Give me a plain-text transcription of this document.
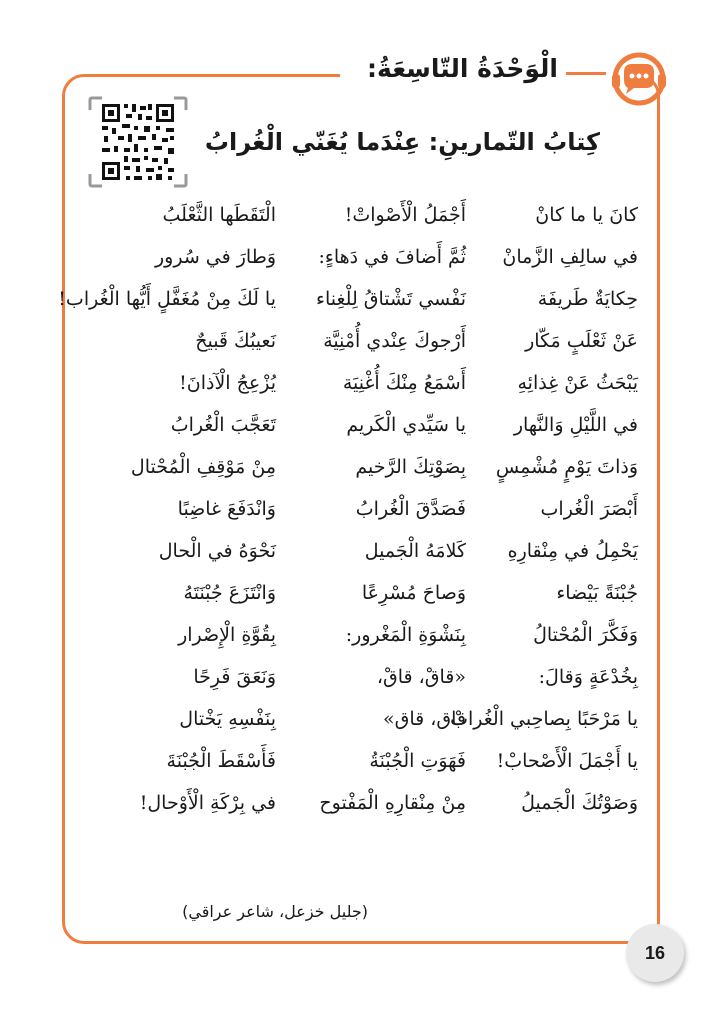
الْوَحْدَةُ التّاسِعَةُ:
كِتابُ التّمارينِ: عِنْدَما يُغَنّي الْغُرابُ
كانَ يا ما كانْ
أَجْمَلُ الْأَصْواتْ!
الْتَقَطَها الثَّعْلَبُ
في سالِفِ الزَّمانْ
ثُمَّ أَضافَ في دَهاءٍ:
وَطارَ في سُرور
حِكايَةٌ طَريفَة
نَفْسي تَشْتاقُ لِلْغِناء
يا لَكَ مِنْ مُغَفَّلٍ أَيُّها الْغُراب!
عَنْ ثَعْلَبٍ مَكّار
أَرْجوكَ عِنْدي أُمْنِيَّة
نَعيبُكَ قَبيحٌ
يَبْحَثُ عَنْ غِذائِهِ
أَسْمَعُ مِنْكَ أُغْنِيَة
يُزْعِجُ الْآذانَ!
في اللَّيْلِ وَالنَّهار
يا سَيِّدي الْكَريم
تَعَجَّبَ الْغُرابُ
وَذاتَ يَوْمٍ مُشْمِسٍ
بِصَوْتِكَ الرَّخيم
مِنْ مَوْقِفِ الْمُحْتال
أَبْصَرَ الْغُراب
فَصَدَّقَ الْغُرابُ
وَانْدَفَعَ غاضِبًا
يَحْمِلُ في مِنْقارِهِ
كَلامَهُ الْجَميل
نَحْوَهُ في الْحال
جُبْنَةً بَيْضاء
وَصاحَ مُسْرِعًا
وَانْتَزَعَ جُبْنَتَهُ
وَفَكَّرَ الْمُحْتالُ
بِنَشْوَةِ الْمَغْرور:
بِقُوَّةِ الْإِصْرار
بِخُدْعَةٍ وَقالَ:
«قاقْ، قاقْ،
وَنَعَقَ فَرِحًا
يا مَرْحَبًا بِصاحِبي الْغُرابْ
قاق، قاق»
بِنَفْسِهِ يَخْتال
يا أَجْمَلَ الْأَصْحابْ!
فَهَوَتِ الْجُبْنَةُ
فَأَسْقَطَ الْجُبْنَةَ
وَصَوْتُكَ الْجَميلُ
مِنْ مِنْقارِهِ الْمَفْتوح
في بِرْكَةِ الْأَوْحال!
(جليل خزعل، شاعر عراقي)
16
